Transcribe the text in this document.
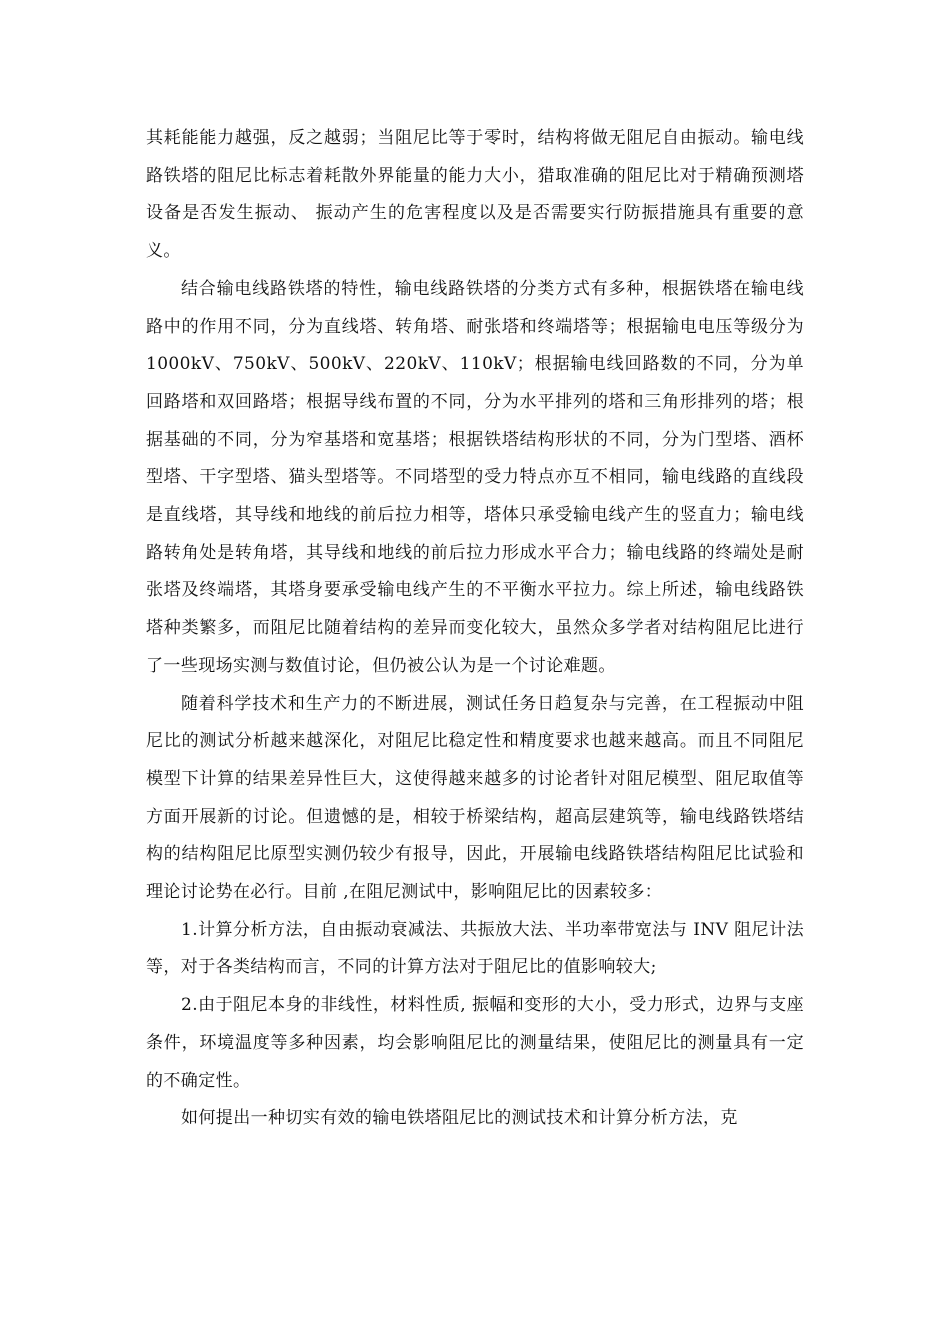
其耗能能力越强，反之越弱；当阻尼比等于零时，结构将做无阻尼自由振动。输电线路铁塔的阻尼比标志着耗散外界能量的能力大小，猎取准确的阻尼比对于精确预测塔设备是否发生振动、 振动产生的危害程度以及是否需要实行防振措施具有重要的意义。

结合输电线路铁塔的特性，输电线路铁塔的分类方式有多种，根据铁塔在输电线路中的作用不同，分为直线塔、转角塔、耐张塔和终端塔等；根据输电电压等级分为 1000kV、750kV、500kV、220kV、110kV；根据输电线回路数的不同，分为单回路塔和双回路塔；根据导线布置的不同，分为水平排列的塔和三角形排列的塔；根据基础的不同，分为窄基塔和宽基塔；根据铁塔结构形状的不同，分为门型塔、酒杯型塔、干字型塔、猫头型塔等。不同塔型的受力特点亦互不相同，输电线路的直线段是直线塔，其导线和地线的前后拉力相等，塔体只承受输电线产生的竖直力；输电线路转角处是转角塔，其导线和地线的前后拉力形成水平合力；输电线路的终端处是耐张塔及终端塔，其塔身要承受输电线产生的不平衡水平拉力。综上所述，输电线路铁塔种类繁多，而阻尼比随着结构的差异而变化较大，虽然众多学者对结构阻尼比进行了一些现场实测与数值讨论，但仍被公认为是一个讨论难题。

随着科学技术和生产力的不断进展，测试任务日趋复杂与完善，在工程振动中阻尼比的测试分析越来越深化，对阻尼比稳定性和精度要求也越来越高。而且不同阻尼模型下计算的结果差异性巨大，这使得越来越多的讨论者针对阻尼模型、阻尼取值等方面开展新的讨论。但遗憾的是，相较于桥梁结构，超高层建筑等，输电线路铁塔结构的结构阻尼比原型实测仍较少有报导，因此，开展输电线路铁塔结构阻尼比试验和理论讨论势在必行。目前 ,在阻尼测试中，影响阻尼比的因素较多：

1.计算分析方法，自由振动衰减法、共振放大法、半功率带宽法与 INV 阻尼计法等，对于各类结构而言，不同的计算方法对于阻尼比的值影响较大;

2.由于阻尼本身的非线性，材料性质, 振幅和变形的大小，受力形式，边界与支座条件，环境温度等多种因素，均会影响阻尼比的测量结果，使阻尼比的测量具有一定的不确定性。

如何提出一种切实有效的输电铁塔阻尼比的测试技术和计算分析方法，克
